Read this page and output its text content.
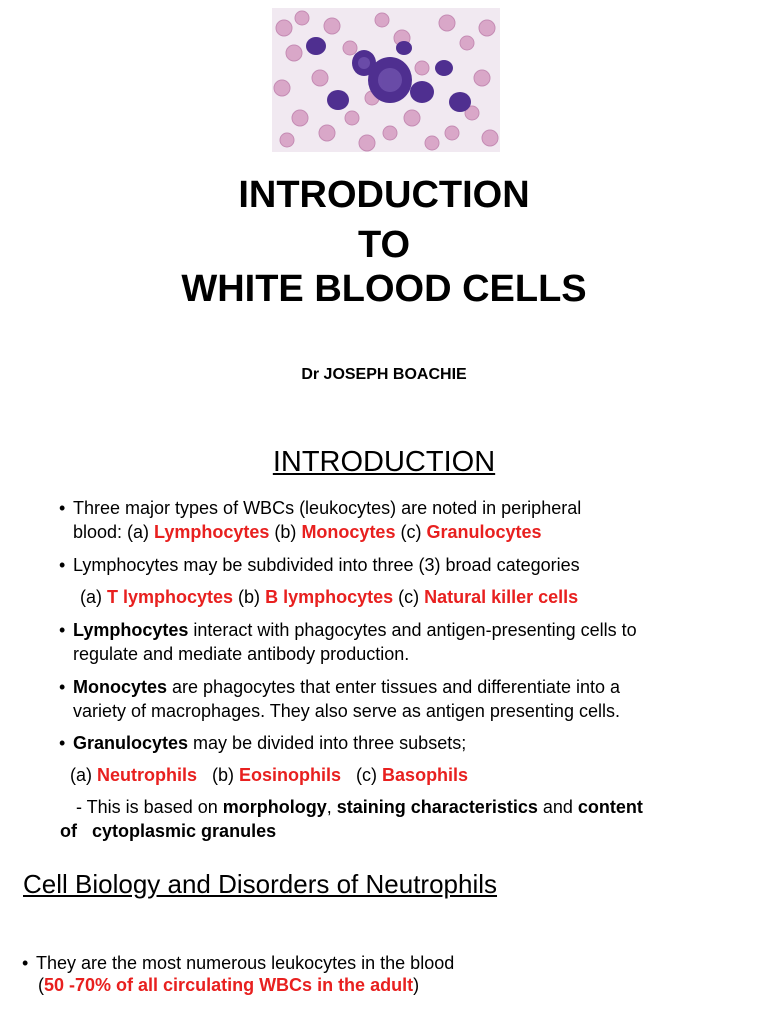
INTRODUCTION
TO
WHITE BLOOD CELLS
Dr JOSEPH BOACHIE
INTRODUCTION
• Three major types of WBCs (leukocytes) are noted in peripheral
blood: (a) Lymphocytes (b) Monocytes (c) Granulocytes
• Lymphocytes may be subdivided into three (3) broad categories
(a) T lymphocytes (b) B lymphocytes (c) Natural killer cells
• Lymphocytes interact with phagocytes and antigen-presenting cells to
regulate and mediate antibody production.
• Monocytes are phagocytes that enter tissues and differentiate into a
variety of macrophages. They also serve as antigen presenting cells.
• Granulocytes may be divided into three subsets;
(a) Neutrophils   (b) Eosinophils   (c) Basophils
- This is based on morphology, staining characteristics and content
of cytoplasmic granules
Cell Biology and Disorders of Neutrophils
• They are the most numerous leukocytes in the blood
(50 -70% of all circulating WBCs in the adult)
